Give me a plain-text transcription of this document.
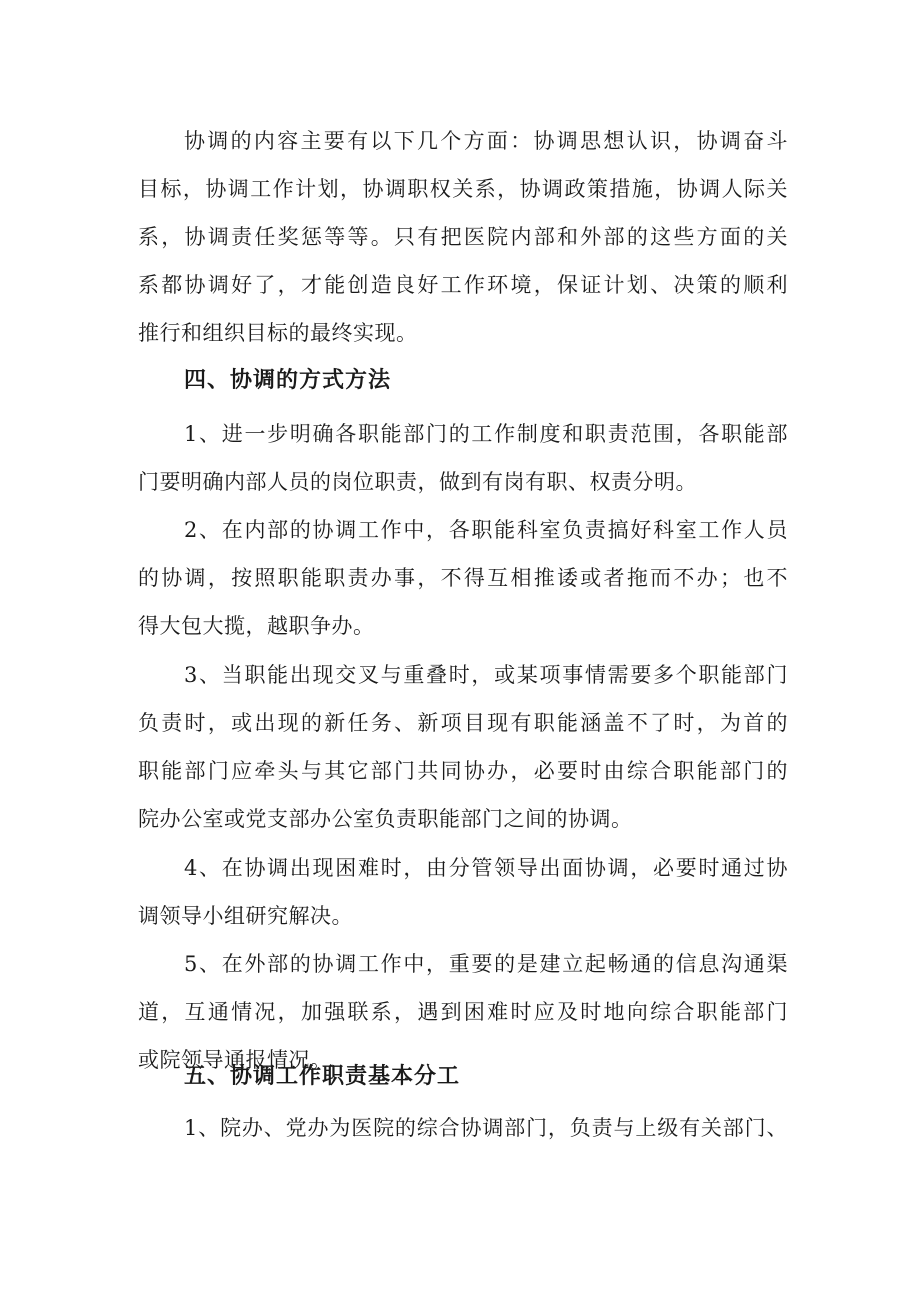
协调的内容主要有以下几个方面：协调思想认识，协调奋斗
目标，协调工作计划，协调职权关系，协调政策措施，协调人际关
系，协调责任奖惩等等。只有把医院内部和外部的这些方面的关
系都协调好了，才能创造良好工作环境，保证计划、决策的顺利
推行和组织目标的最终实现。
四、协调的方式方法
1、进一步明确各职能部门的工作制度和职责范围，各职能部
门要明确内部人员的岗位职责，做到有岗有职、权责分明。
2、在内部的协调工作中，各职能科室负责搞好科室工作人员
的协调，按照职能职责办事，不得互相推诿或者拖而不办；也不
得大包大揽，越职争办。
3、当职能出现交叉与重叠时，或某项事情需要多个职能部门
负责时，或出现的新任务、新项目现有职能涵盖不了时，为首的
职能部门应牵头与其它部门共同协办，必要时由综合职能部门的
院办公室或党支部办公室负责职能部门之间的协调。
4、在协调出现困难时，由分管领导出面协调，必要时通过协
调领导小组研究解决。
5、在外部的协调工作中，重要的是建立起畅通的信息沟通渠
道，互通情况，加强联系，遇到困难时应及时地向综合职能部门
或院领导通报情况。
五、协调工作职责基本分工
1、院办、党办为医院的综合协调部门，负责与上级有关部门、
